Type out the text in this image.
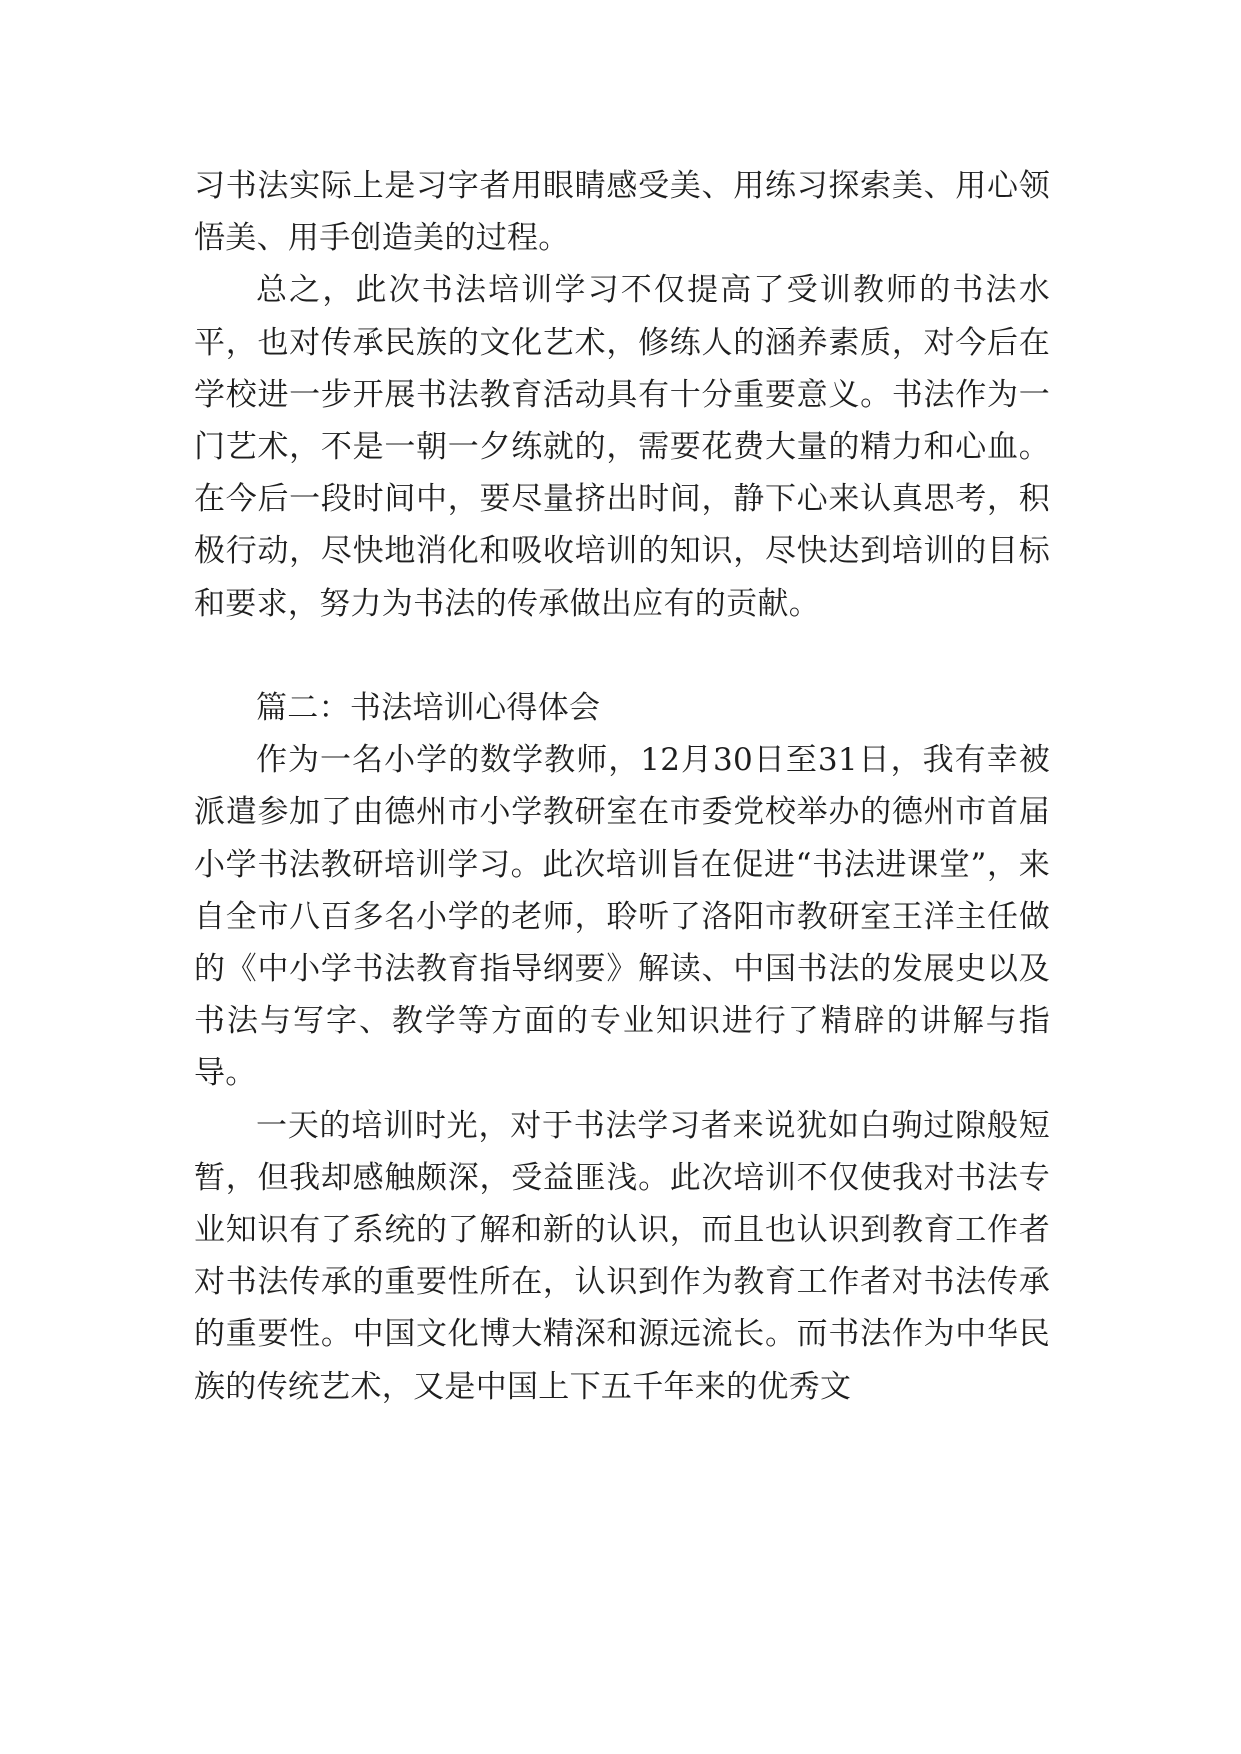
习书法实际上是习字者用眼睛感受美、用练习探索美、用心领悟美、用手创造美的过程。

总之，此次书法培训学习不仅提高了受训教师的书法水平，也对传承民族的文化艺术，修练人的涵养素质，对今后在学校进一步开展书法教育活动具有十分重要意义。书法作为一门艺术，不是一朝一夕练就的，需要花费大量的精力和心血。在今后一段时间中，要尽量挤出时间，静下心来认真思考，积极行动，尽快地消化和吸收培训的知识，尽快达到培训的目标和要求，努力为书法的传承做出应有的贡献。

篇二：书法培训心得体会

作为一名小学的数学教师，12月30日至31日，我有幸被派遣参加了由德州市小学教研室在市委党校举办的德州市首届小学书法教研培训学习。此次培训旨在促进“书法进课堂”，来自全市八百多名小学的老师，聆听了洛阳市教研室王洋主任做的《中小学书法教育指导纲要》解读、中国书法的发展史以及书法与写字、教学等方面的专业知识进行了精辟的讲解与指导。

一天的培训时光，对于书法学习者来说犹如白驹过隙般短暂，但我却感触颇深，受益匪浅。此次培训不仅使我对书法专业知识有了系统的了解和新的认识，而且也认识到教育工作者对书法传承的重要性所在，认识到作为教育工作者对书法传承的重要性。中国文化博大精深和源远流长。而书法作为中华民族的传统艺术，又是中国上下五千年来的优秀文
